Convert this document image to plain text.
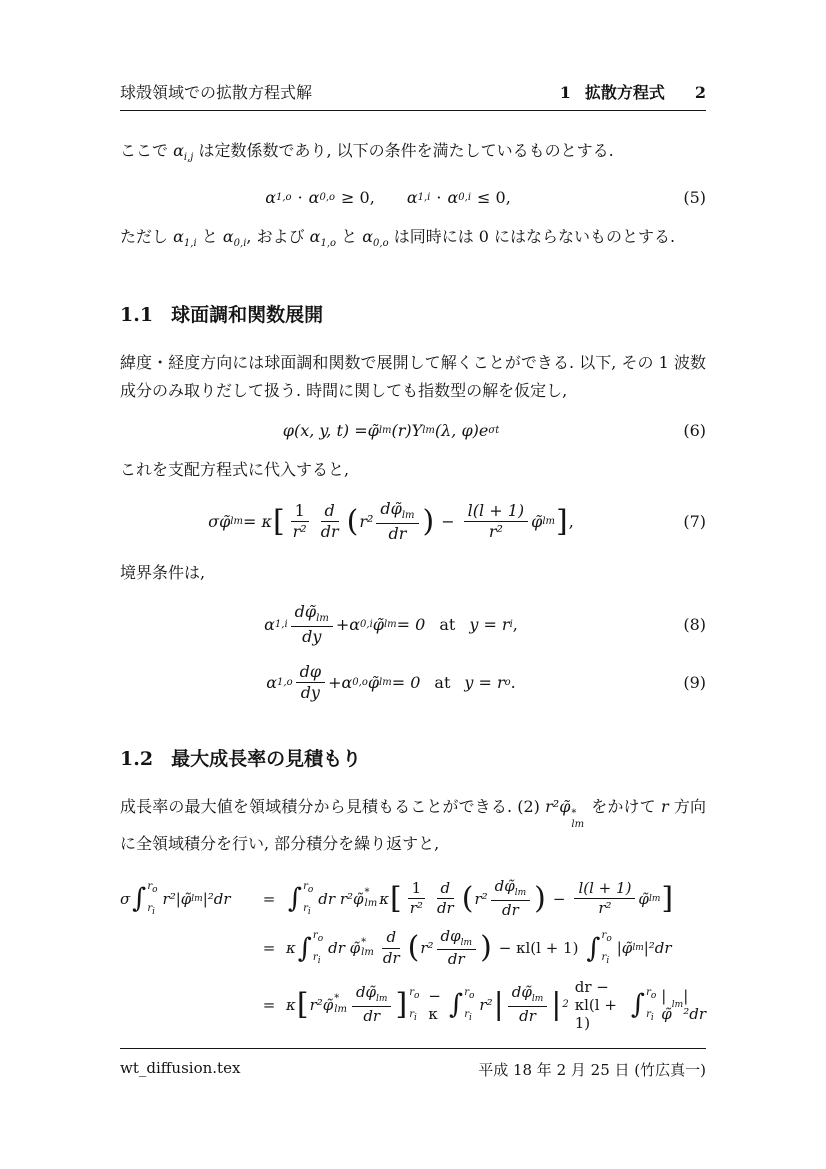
球殻領域での拡散方程式解	1 拡散方程式 2

ここで $\alpha_{i,j}$ は定数係数であり, 以下の条件を満たしているものとする.

α 1,o · α 0,o ≥ 0, α 1,i · α 0,i ≤ 0,	(5)

ただし $\alpha_{1,i}$ と $\alpha_{0,i}$, および $\alpha_{1,o}$ と $\alpha_{0,o}$ は同時には 0 にはならないものとする.

1.1 球面調和関数展開

緯度・経度方向には球面調和関数で展開して解くことができる. 以下, その 1 波数成分のみ取りだして扱う. 時間に関しても指数型の解を仮定し,

φ(x, y, t) = φ̃ lm (r)Y lm (λ, φ)e σt	(6)

これを支配方程式に代入すると,

σ φ̃ lm = κ [ $\frac{1}{\text{r²}} \frac{d}{dr}$ ( $r^2 \frac{d\varphĩ_{lm}}{dr}$ ) − $\frac{l(l + 1)}{\text{r²}}$ φ̃ lm ] ,	(7)

境界条件は,

α $1,i \frac{d\varphĩ_{lm}}{dy} + \alpha$ 0,i φ̃ lm = 0 at y = r i ,	(8)
α $1,o \frac{d\varphi}{dy} + \alpha$ 0,o φ̃ lm = 0 at y = r o .	(9)
1.2 最大成長率の見積もり

成長率の最大値を領域積分から見積もることができる. (2) r²φ̃ *
lm
をかけて r 方向に全領域積分を行い, 部分積分を繰り返すと,

σ ∫ $r_o$
$r_i$
r²|φ̃ lm |²dr	= ∫ $r_o$
$r_i$
dr r²φ̃ *
lm κ [ $\frac{1}{\text{r²}} \frac{d}{dr}$ ( $r^2 \frac{d\varphĩ_{lm}}{dr}$ ) − $\frac{l(l + 1)}{\text{r²}}$ φ̃ lm ]
= κ ∫ $r_o$
$r_i$
dr φ̃ *
lm $\frac{d}{dr}$ ( $r^2 \frac{d\varphi_{lm}}{dr}$ ) − κl(l + 1) ∫ $r_o$
$r_i$
|φ̃ lm |²dr
= κ [ r²φ̃ *
lm $\frac{d\varphĩ_{lm}}{dr}$ ] $r_o$
$r_i$
− κ ∫ $r_o$
$r_i$
r² | $\frac{d\varphĩ_{lm}}{dr}$ | 2
dr − κl(l + 1)
∫ $r_o$
$r_i$
|φ̃ lm |²dr
wt_diffusion.tex	平成 18 年 2 月 25 日 (竹広真一)
